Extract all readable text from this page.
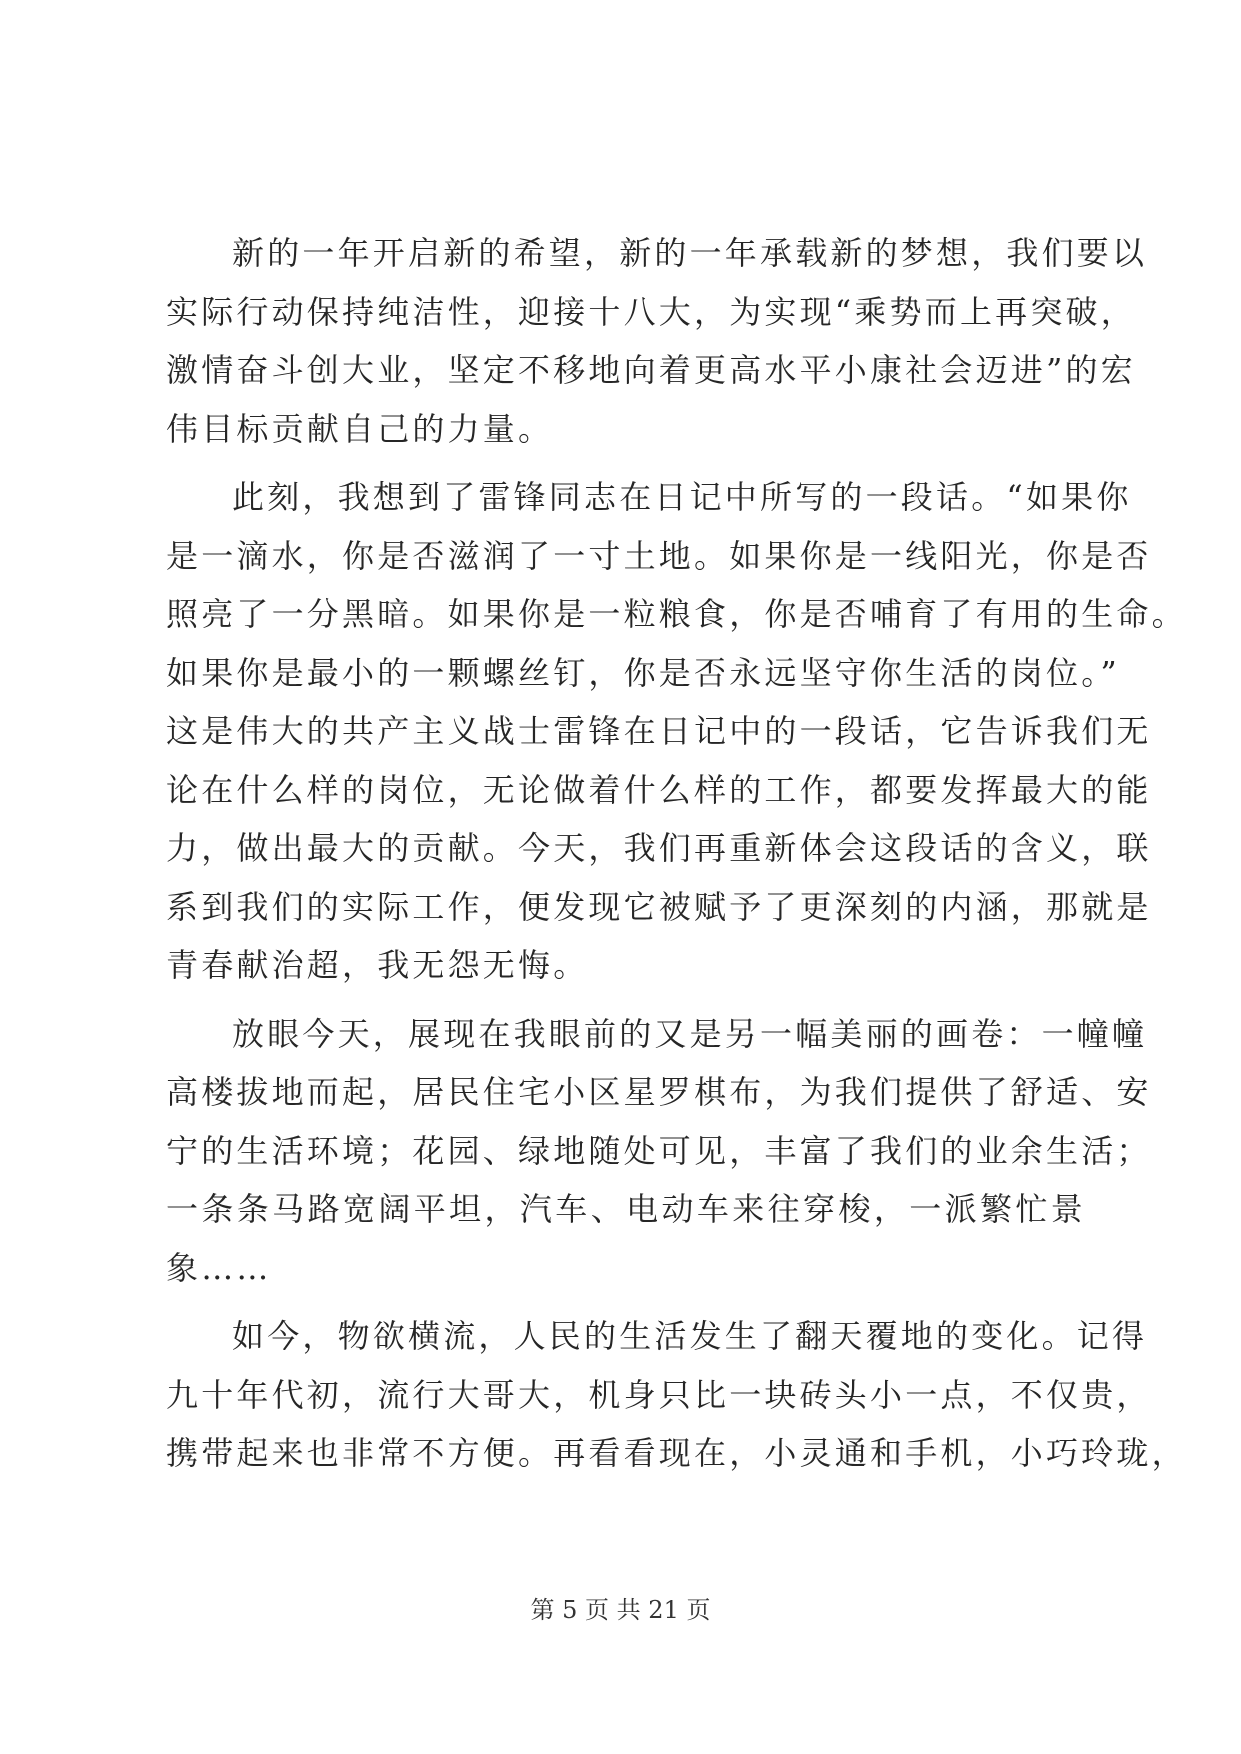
新的一年开启新的希望，新的一年承载新的梦想，我们要以
实际行动保持纯洁性，迎接十八大，为实现“乘势而上再突破，
激情奋斗创大业，坚定不移地向着更高水平小康社会迈进”的宏
伟目标贡献自己的力量。

此刻，我想到了雷锋同志在日记中所写的一段话。“如果你
是一滴水，你是否滋润了一寸土地。如果你是一线阳光，你是否
照亮了一分黑暗。如果你是一粒粮食，你是否哺育了有用的生命。
如果你是最小的一颗螺丝钉，你是否永远坚守你生活的岗位。”
这是伟大的共产主义战士雷锋在日记中的一段话，它告诉我们无
论在什么样的岗位，无论做着什么样的工作，都要发挥最大的能
力，做出最大的贡献。今天，我们再重新体会这段话的含义，联
系到我们的实际工作，便发现它被赋予了更深刻的内涵，那就是
青春献治超，我无怨无悔。

放眼今天，展现在我眼前的又是另一幅美丽的画卷：一幢幢
高楼拔地而起，居民住宅小区星罗棋布，为我们提供了舒适、安
宁的生活环境；花园、绿地随处可见，丰富了我们的业余生活；
一条条马路宽阔平坦，汽车、电动车来往穿梭，一派繁忙景
象……

如今，物欲横流，人民的生活发生了翻天覆地的变化。记得
九十年代初，流行大哥大，机身只比一块砖头小一点，不仅贵，
携带起来也非常不方便。再看看现在，小灵通和手机，小巧玲珑，

第 5 页 共 21 页
